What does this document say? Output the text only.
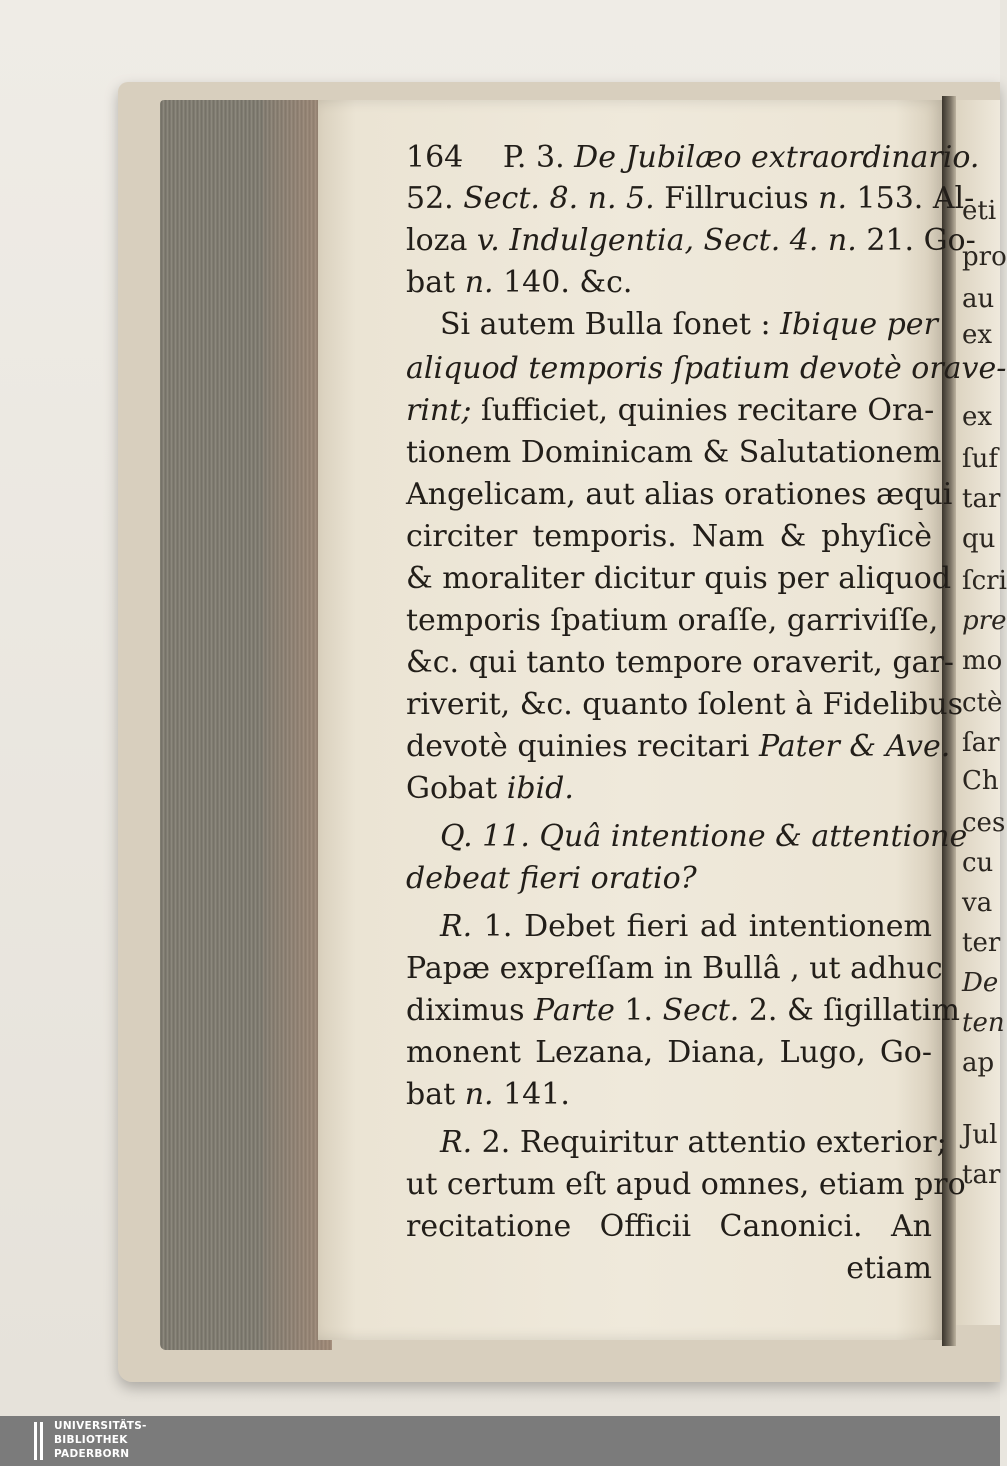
164 P. 3. De Jubilæo extraordinario.
52. Sect. 8. n. 5. Fillrucius n. 153. Al-
loza v. Indulgentia, Sect. 4. n. 21. Go-
bat n. 140. &c.
Si autem Bulla ſonet : Ibique per
aliquod temporis ſpatium devotè orave-
rint; ſufficiet, quinies recitare Ora-
tionem Dominicam & Salutationem
Angelicam, aut alias orationes æqui
circiter temporis. Nam & phyſicè
& moraliter dicitur quis per aliquod
temporis ſpatium oraſſe, garriviſſe,
&c. qui tanto tempore oraverit, gar-
riverit, &c. quanto ſolent à Fidelibus
devotè quinies recitari Pater & Ave.
Gobat ibid.
Q. 11. Quâ intentione & attentione
debeat fieri oratio?
R. 1. Debet fieri ad intentionem
Papæ expreſſam in Bullâ , ut adhuc
diximus Parte 1. Sect. 2. & ſigillatim
monent Lezana, Diana, Lugo, Go-
bat n. 141.
R. 2. Requiritur attentio exterior;
ut certum eſt apud omnes, etiam pro
recitatione Officii Canonici. An
etiam
eti
pro
au
ex
ex
ſuf
tar
qu
ſcri
pre
mo
ctè
ſar
Ch
ces
cu
va
ter
De
ten
ap
Jul
tar
UNIVERSITÄTS-
BIBLIOTHEK
PADERBORN
